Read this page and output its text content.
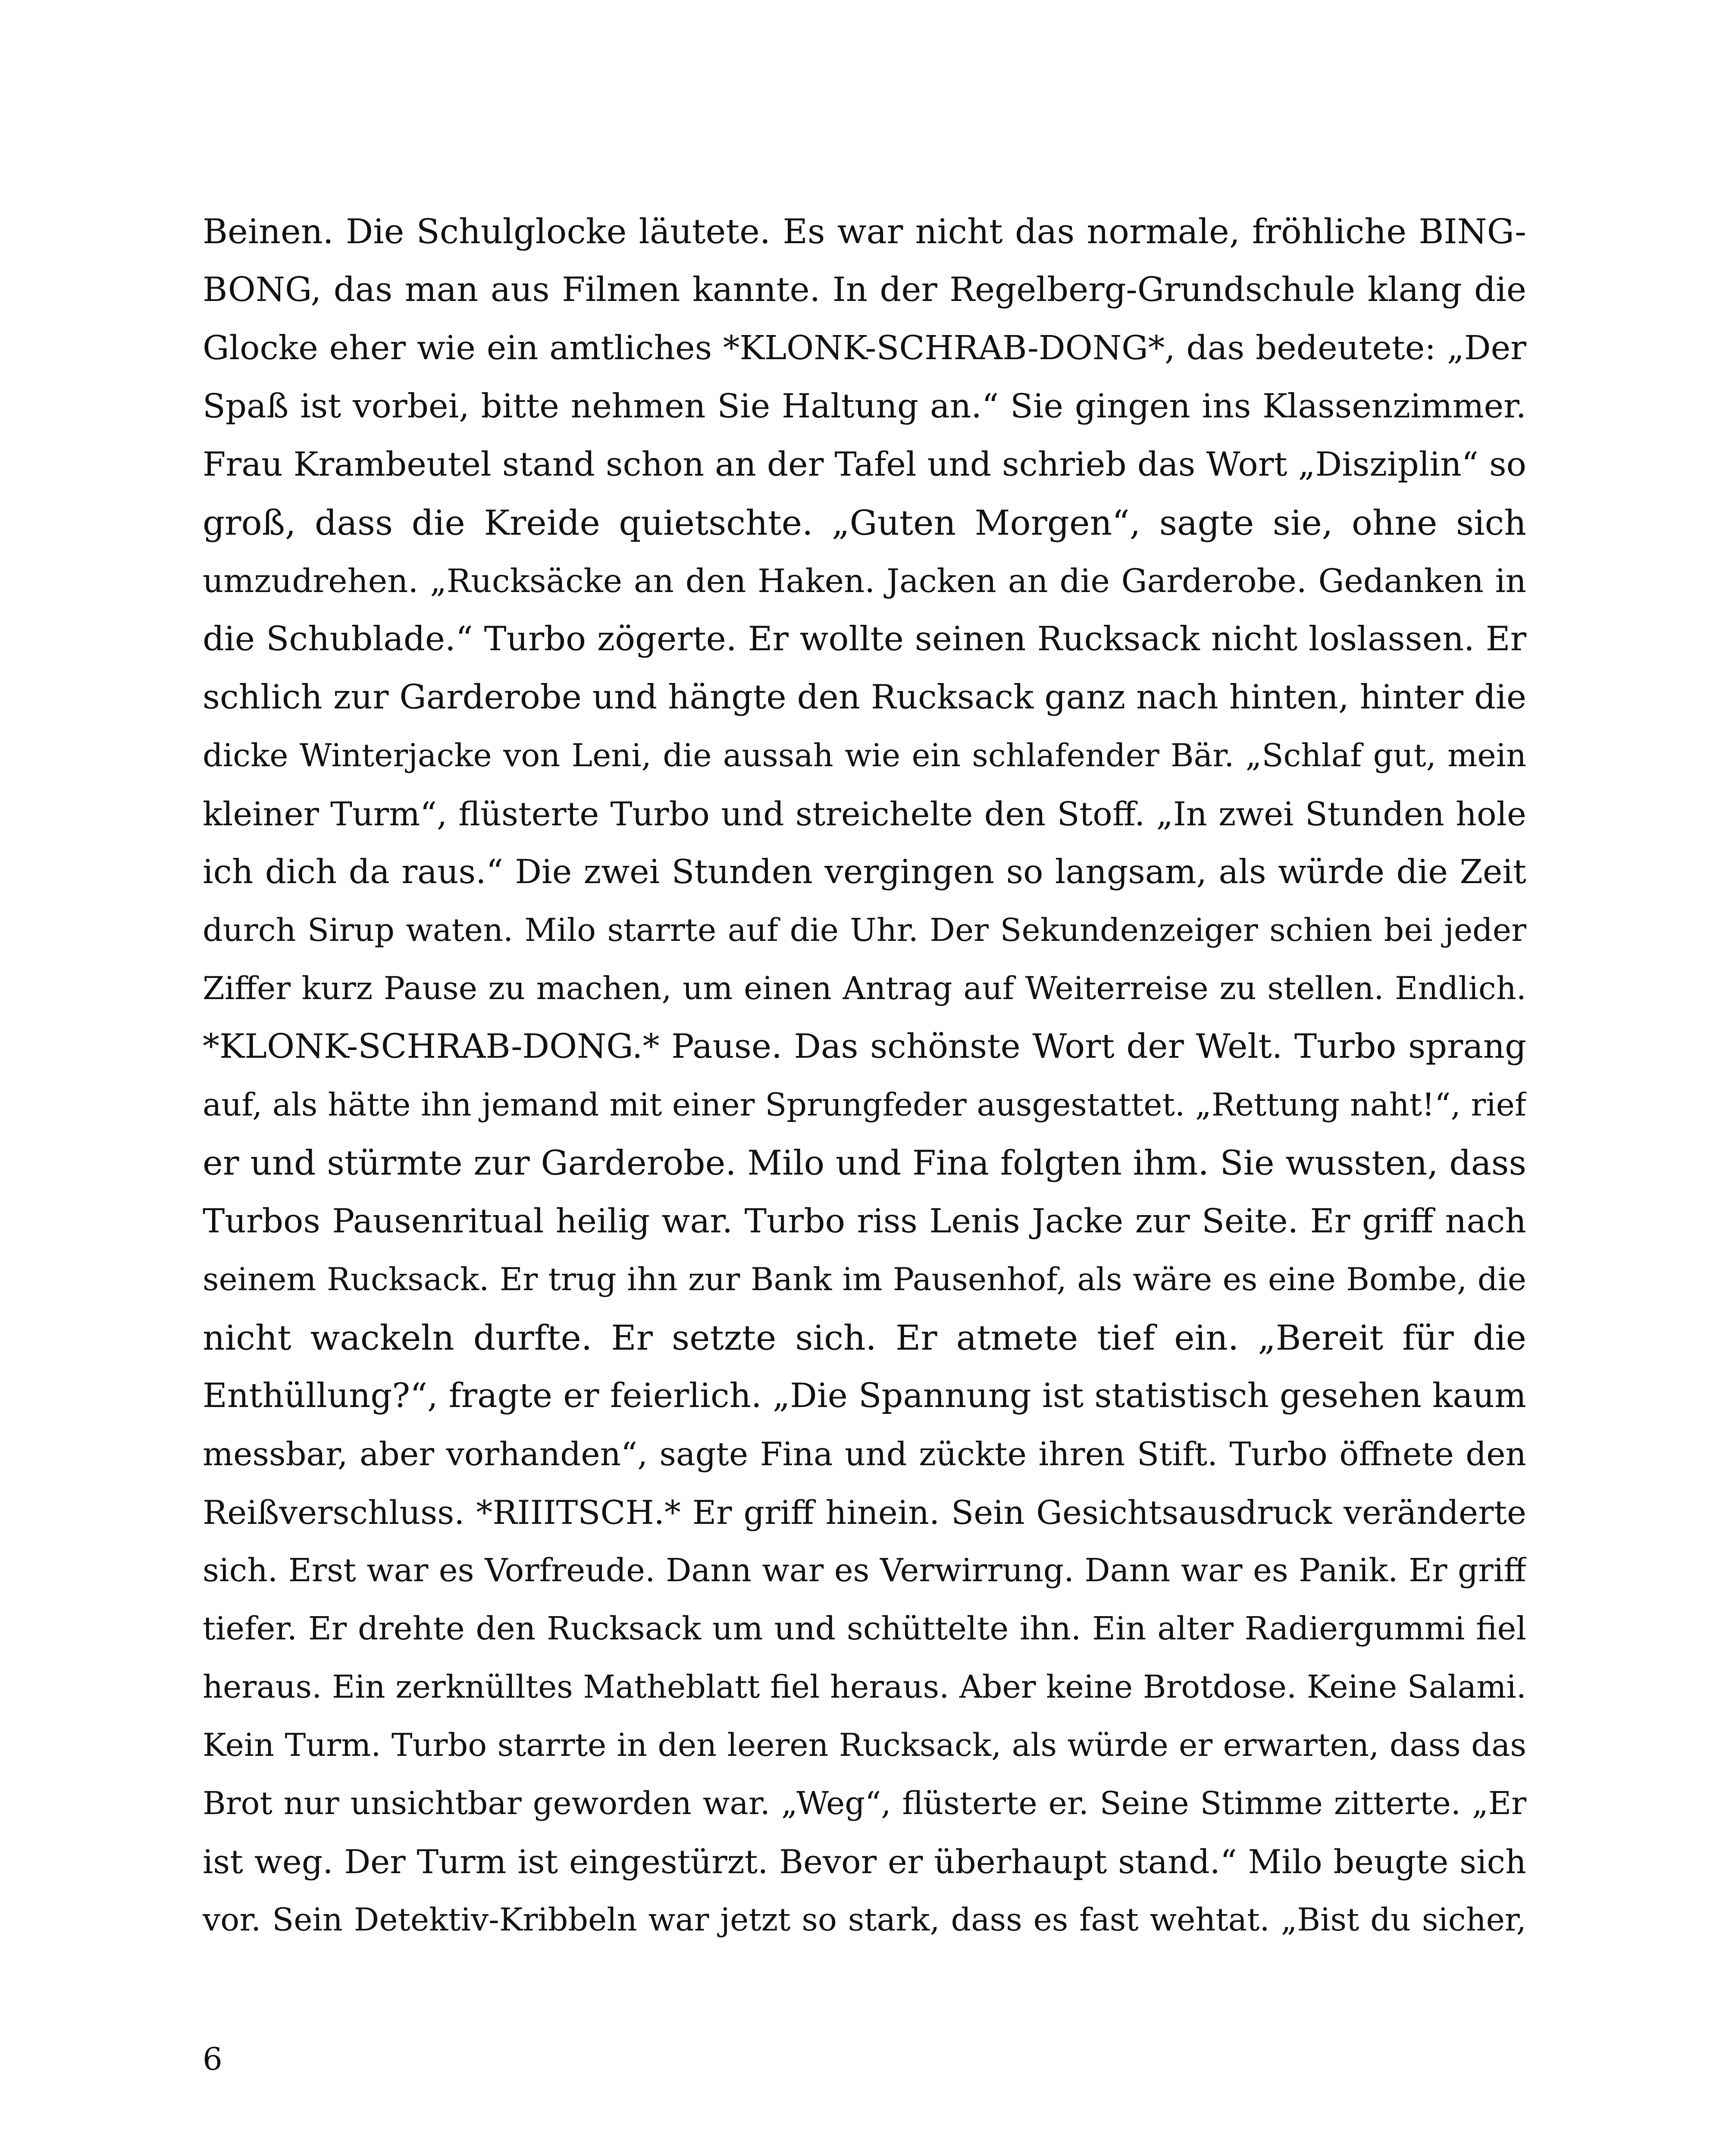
Beinen. Die Schulglocke läutete. Es war nicht das normale, fröhliche BING-
BONG, das man aus Filmen kannte. In der Regelberg-Grundschule klang die
Glocke eher wie ein amtliches *KLONK-SCHRAB-DONG*, das bedeutete: „Der
Spaß ist vorbei, bitte nehmen Sie Haltung an.“ Sie gingen ins Klassenzimmer.
Frau Krambeutel stand schon an der Tafel und schrieb das Wort „Disziplin“ so
groß, dass die Kreide quietschte. „Guten Morgen“, sagte sie, ohne sich
umzudrehen. „Rucksäcke an den Haken. Jacken an die Garderobe. Gedanken in
die Schublade.“ Turbo zögerte. Er wollte seinen Rucksack nicht loslassen. Er
schlich zur Garderobe und hängte den Rucksack ganz nach hinten, hinter die
dicke Winterjacke von Leni, die aussah wie ein schlafender Bär. „Schlaf gut, mein
kleiner Turm“, flüsterte Turbo und streichelte den Stoff. „In zwei Stunden hole
ich dich da raus.“ Die zwei Stunden vergingen so langsam, als würde die Zeit
durch Sirup waten. Milo starrte auf die Uhr. Der Sekundenzeiger schien bei jeder
Ziffer kurz Pause zu machen, um einen Antrag auf Weiterreise zu stellen. Endlich.
*KLONK-SCHRAB-DONG.* Pause. Das schönste Wort der Welt. Turbo sprang
auf, als hätte ihn jemand mit einer Sprungfeder ausgestattet. „Rettung naht!“, rief
er und stürmte zur Garderobe. Milo und Fina folgten ihm. Sie wussten, dass
Turbos Pausenritual heilig war. Turbo riss Lenis Jacke zur Seite. Er griff nach
seinem Rucksack. Er trug ihn zur Bank im Pausenhof, als wäre es eine Bombe, die
nicht wackeln durfte. Er setzte sich. Er atmete tief ein. „Bereit für die
Enthüllung?“, fragte er feierlich. „Die Spannung ist statistisch gesehen kaum
messbar, aber vorhanden“, sagte Fina und zückte ihren Stift. Turbo öffnete den
Reißverschluss. *RIIITSCH.* Er griff hinein. Sein Gesichtsausdruck veränderte
sich. Erst war es Vorfreude. Dann war es Verwirrung. Dann war es Panik. Er griff
tiefer. Er drehte den Rucksack um und schüttelte ihn. Ein alter Radiergummi fiel
heraus. Ein zerknülltes Matheblatt fiel heraus. Aber keine Brotdose. Keine Salami.
Kein Turm. Turbo starrte in den leeren Rucksack, als würde er erwarten, dass das
Brot nur unsichtbar geworden war. „Weg“, flüsterte er. Seine Stimme zitterte. „Er
ist weg. Der Turm ist eingestürzt. Bevor er überhaupt stand.“ Milo beugte sich
vor. Sein Detektiv-Kribbeln war jetzt so stark, dass es fast wehtat. „Bist du sicher,
6
